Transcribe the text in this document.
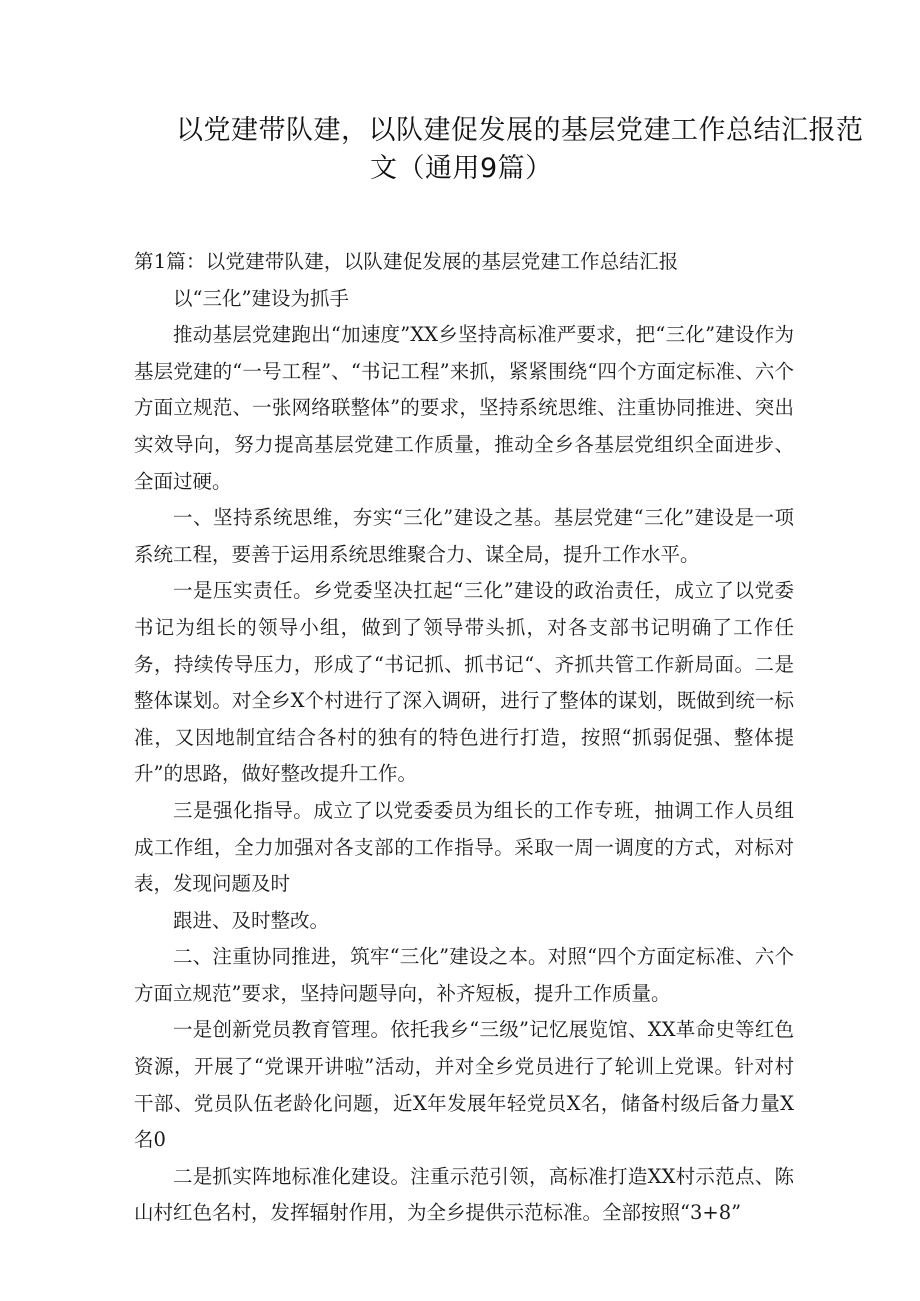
以党建带队建，以队建促发展的基层党建工作总结汇报范
文（通用9篇）

第1篇：以党建带队建，以队建促发展的基层党建工作总结汇报

以“三化”建设为抓手

推动基层党建跑出“加速度”XX乡坚持高标准严要求，把“三化”建设作为基层党建的“一号工程”、“书记工程”来抓，紧紧围绕“四个方面定标准、六个方面立规范、一张网络联整体”的要求，坚持系统思维、注重协同推进、突出实效导向，努力提高基层党建工作质量，推动全乡各基层党组织全面进步、全面过硬。

一、坚持系统思维，夯实“三化”建设之基。基层党建“三化”建设是一项系统工程，要善于运用系统思维聚合力、谋全局，提升工作水平。

一是压实责任。乡党委坚决扛起“三化”建设的政治责任，成立了以党委书记为组长的领导小组，做到了领导带头抓，对各支部书记明确了工作任务，持续传导压力，形成了“书记抓、抓书记“、齐抓共管工作新局面。二是整体谋划。对全乡X个村进行了深入调研，进行了整体的谋划，既做到统一标准，又因地制宜结合各村的独有的特色进行打造，按照“抓弱促强、整体提升”的思路，做好整改提升工作。

三是强化指导。成立了以党委委员为组长的工作专班，抽调工作人员组成工作组，全力加强对各支部的工作指导。采取一周一调度的方式，对标对表，发现问题及时

跟进、及时整改。

二、注重协同推进，筑牢“三化”建设之本。对照“四个方面定标准、六个方面立规范”要求，坚持问题导向，补齐短板，提升工作质量。

一是创新党员教育管理。依托我乡“三级”记忆展览馆、XX革命史等红色资源，开展了“党课开讲啦”活动，并对全乡党员进行了轮训上党课。针对村干部、党员队伍老龄化问题，近X年发展年轻党员X名，储备村级后备力量X名0

二是抓实阵地标准化建设。注重示范引领，高标准打造XX村示范点、陈山村红色名村，发挥辐射作用，为全乡提供示范标准。全部按照“3+8”
